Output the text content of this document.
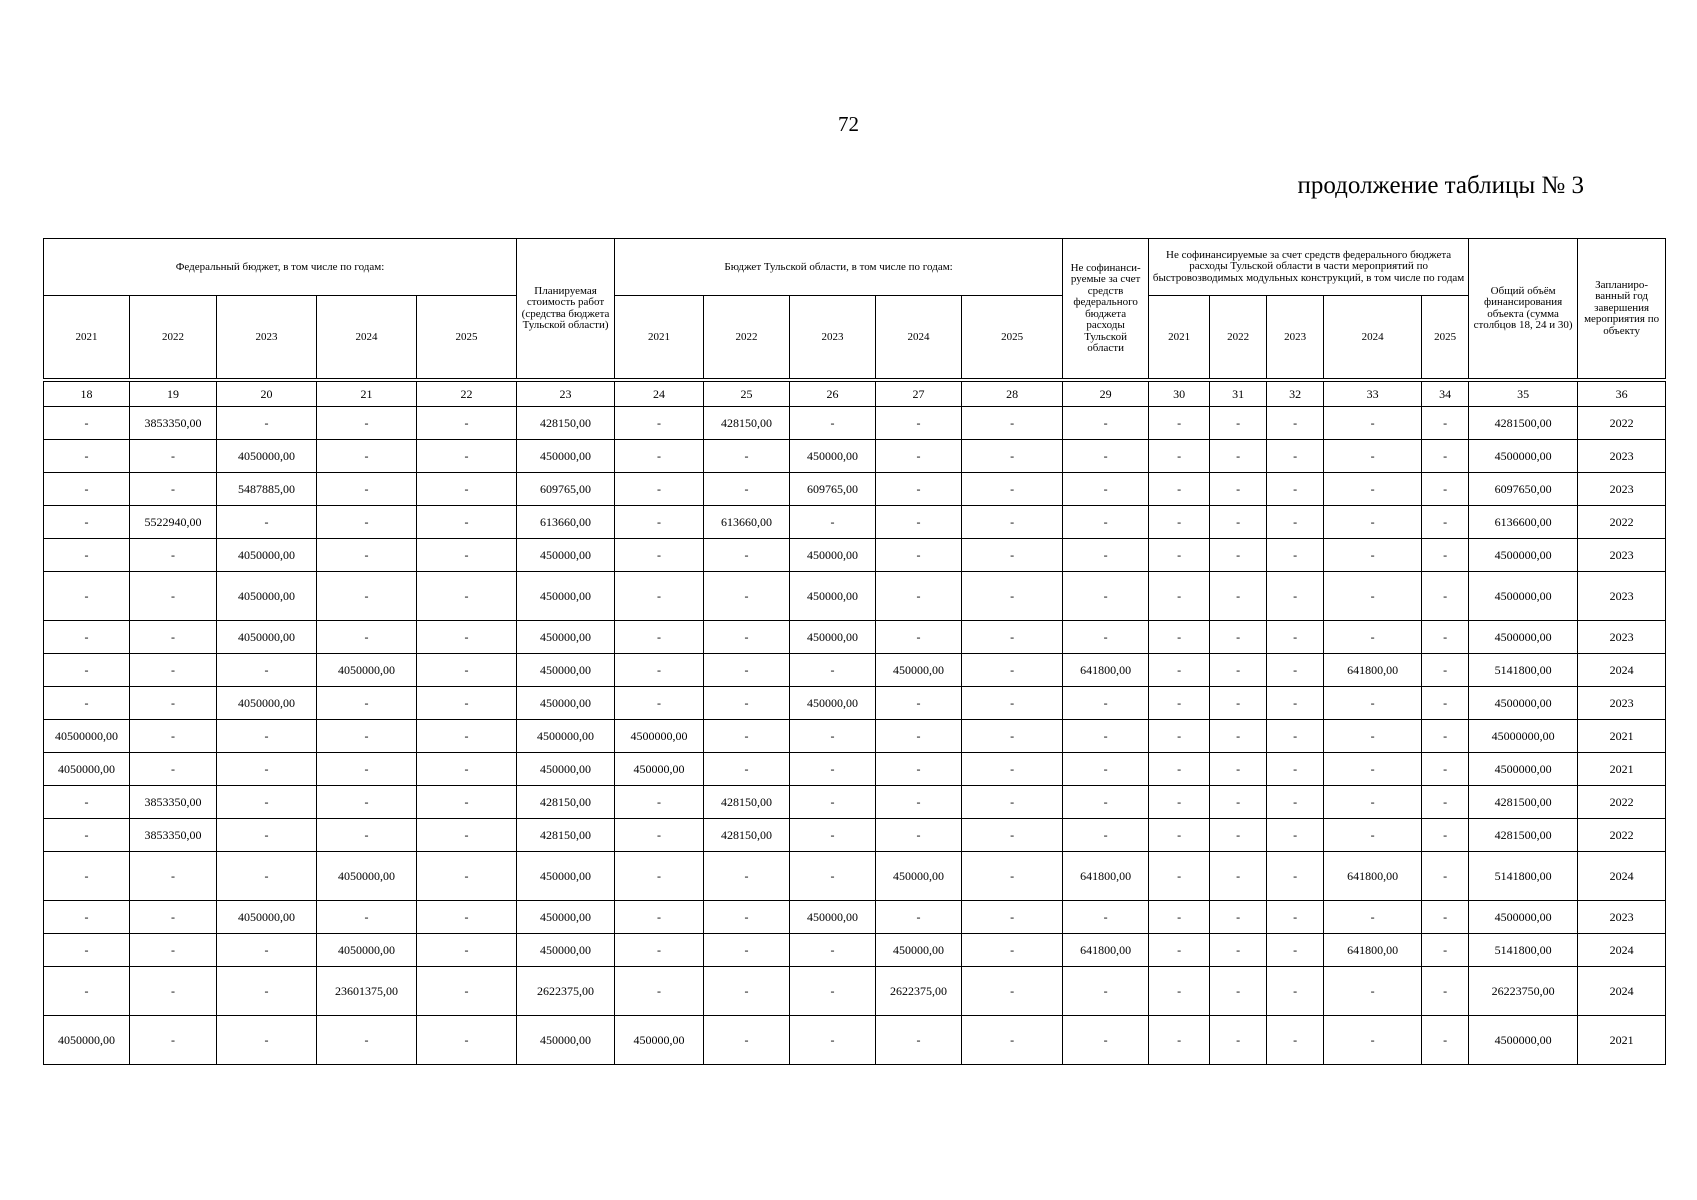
72
продолжение таблицы № 3
Федеральный бюджет, в том числе по годам:					Планируемая стоимость работ (средства бюджета Тульской области)	Бюджет Тульской области, в том числе по годам:					Не софинанси-руемые за счет средств федерального бюджета расходы Тульской области	Не софинансируемые за счет средств федерального бюджета расходы Тульской области в части мероприятий по быстровозводимых модульных конструкций, в том числе по годам					Общий объём финансирования объекта (сумма столбцов 18, 24 и 30)	Запланиро-ванный год завершения мероприятия по объекту
2021	2022	2023	2024	2025		2021	2022	2023	2024	2025		2021	2022	2023	2024	2025		

18	19	20	21	22	23	24	25	26	27	28	29	30	31	32	33	34	35	36
-	3853350,00	-	-	-	428150,00	-	428150,00	-	-	-	-	-	-	-	-	-	4281500,00	2022
-	-	4050000,00	-	-	450000,00	-	-	450000,00	-	-	-	-	-	-	-	-	4500000,00	2023
-	-	5487885,00	-	-	609765,00	-	-	609765,00	-	-	-	-	-	-	-	-	6097650,00	2023
-	5522940,00	-	-	-	613660,00	-	613660,00	-	-	-	-	-	-	-	-	-	6136600,00	2022
-	-	4050000,00	-	-	450000,00	-	-	450000,00	-	-	-	-	-	-	-	-	4500000,00	2023
-	-	4050000,00	-	-	450000,00	-	-	450000,00	-	-	-	-	-	-	-	-	4500000,00	2023
-	-	4050000,00	-	-	450000,00	-	-	450000,00	-	-	-	-	-	-	-	-	4500000,00	2023
-	-	-	4050000,00	-	450000,00	-	-	-	450000,00	-	641800,00	-	-	-	641800,00	-	5141800,00	2024
-	-	4050000,00	-	-	450000,00	-	-	450000,00	-	-	-	-	-	-	-	-	4500000,00	2023
40500000,00	-	-	-	-	4500000,00	4500000,00	-	-	-	-	-	-	-	-	-	-	45000000,00	2021
4050000,00	-	-	-	-	450000,00	450000,00	-	-	-	-	-	-	-	-	-	-	4500000,00	2021
-	3853350,00	-	-	-	428150,00	-	428150,00	-	-	-	-	-	-	-	-	-	4281500,00	2022
-	3853350,00	-	-	-	428150,00	-	428150,00	-	-	-	-	-	-	-	-	-	4281500,00	2022
-	-	-	4050000,00	-	450000,00	-	-	-	450000,00	-	641800,00	-	-	-	641800,00	-	5141800,00	2024
-	-	4050000,00	-	-	450000,00	-	-	450000,00	-	-	-	-	-	-	-	-	4500000,00	2023
-	-	-	4050000,00	-	450000,00	-	-	-	450000,00	-	641800,00	-	-	-	641800,00	-	5141800,00	2024
-	-	-	23601375,00	-	2622375,00	-	-	-	2622375,00	-	-	-	-	-	-	-	26223750,00	2024
4050000,00	-	-	-	-	450000,00	450000,00	-	-	-	-	-	-	-	-	-	-	4500000,00	2021
